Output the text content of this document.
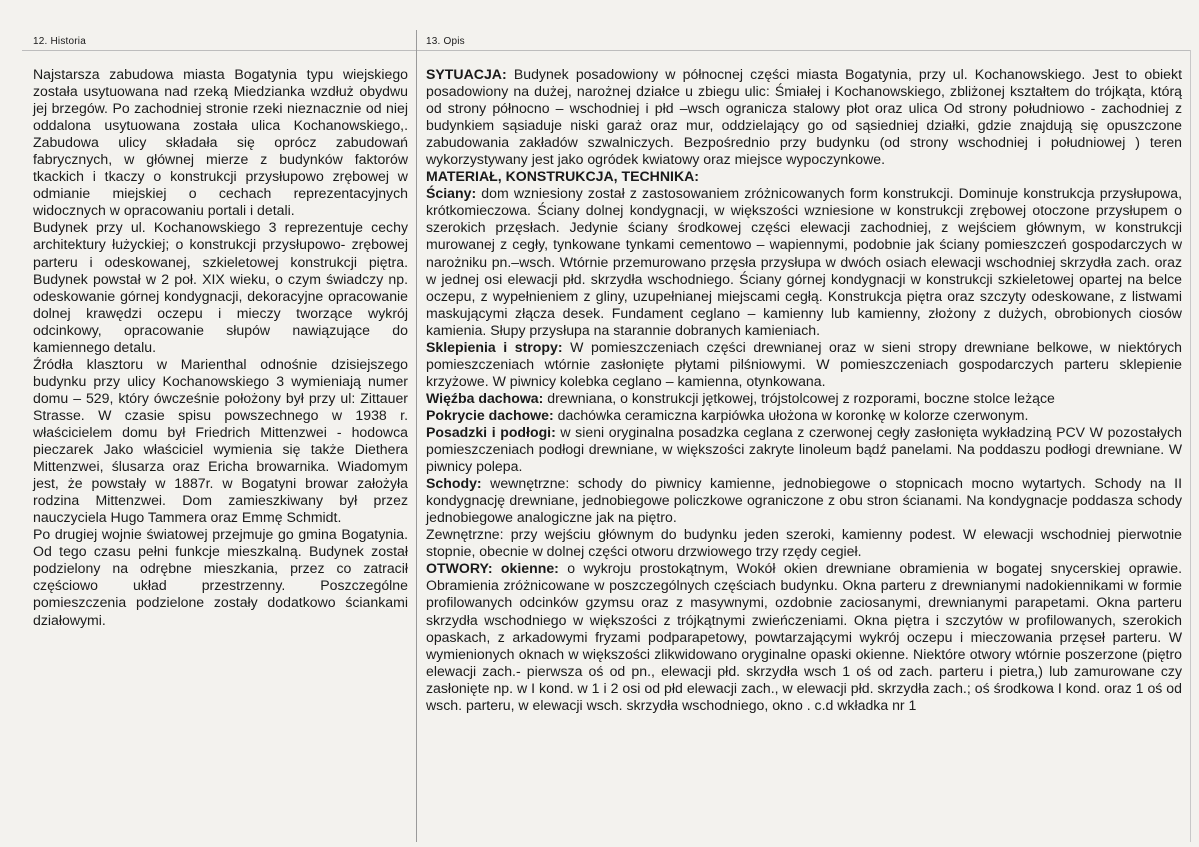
12. Historia	13. Opis

Najstarsza zabudowa miasta Bogatynia typu wiejskiego została usytuowana nad rzeką Miedzianka wzdłuż obydwu jej brzegów. Po zachodniej stronie rzeki nieznacznie od niej oddalona usytuowana została ulica Kochanowskiego,. Zabudowa ulicy składała się oprócz zabudowań fabrycznych, w głównej mierze z budynków faktorów tkackich i tkaczy o konstrukcji przysłupowo zrębowej w odmianie miejskiej o cechach reprezentacyjnych widocznych w opracowaniu portali i detali.

Budynek przy ul. Kochanowskiego 3 reprezentuje cechy architektury łużyckiej; o konstrukcji przysłupowo- zrębowej parteru i odeskowanej, szkieletowej konstrukcji piętra. Budynek powstał w 2 poł. XIX wieku, o czym świadczy np. odeskowanie górnej kondygnacji, dekoracyjne opracowanie dolnej krawędzi oczepu i mieczy tworzące wykrój odcinkowy, opracowanie słupów nawiązujące do kamiennego detalu.

Źródła klasztoru w Marienthal odnośnie dzisiejszego budynku przy ulicy Kochanowskiego 3 wymieniają numer domu – 529, który ówcześnie położony był przy ul: Zittauer Strasse. W czasie spisu powszechnego w 1938 r. właścicielem domu był Friedrich Mittenzwei - hodowca pieczarek Jako właściciel wymienia się także Diethera Mittenzwei, ślusarza oraz Ericha browarnika. Wiadomym jest, że powstały w 1887r. w Bogatyni browar założyła rodzina Mittenzwei. Dom zamieszkiwany był przez nauczyciela Hugo Tammera oraz Emmę Schmidt.

Po drugiej wojnie światowej przejmuje go gmina Bogatynia. Od tego czasu pełni funkcje mieszkalną. Budynek został podzielony na odrębne mieszkania, przez co zatracił częściowo układ przestrzenny. Poszczególne pomieszczenia podzielone zostały dodatkowo ściankami działowymi.

SYTUACJA: Budynek posadowiony w północnej części miasta Bogatynia, przy ul. Kochanowskiego. Jest to obiekt posadowiony na dużej, narożnej działce u zbiegu ulic: Śmiałej i Kochanowskiego, zbliżonej kształtem do trójkąta, którą od strony północno – wschodniej i płd –wsch ogranicza stalowy płot oraz ulica Od strony południowo - zachodniej z budynkiem sąsiaduje niski garaż oraz mur, oddzielający go od sąsiedniej działki, gdzie znajdują się opuszczone zabudowania zakładów szwalniczych. Bezpośrednio przy budynku (od strony wschodniej i południowej ) teren wykorzystywany jest jako ogródek kwiatowy oraz miejsce wypoczynkowe.

MATERIAŁ, KONSTRUKCJA, TECHNIKA:

Ściany: dom wzniesiony został z zastosowaniem zróżnicowanych form konstrukcji. Dominuje konstrukcja przysłupowa, krótkomieczowa. Ściany dolnej kondygnacji, w większości wzniesione w konstrukcji zrębowej otoczone przysłupem o szerokich przęsłach. Jedynie ściany środkowej części elewacji zachodniej, z wejściem głównym, w konstrukcji murowanej z cegły, tynkowane tynkami cementowo – wapiennymi, podobnie jak ściany pomieszczeń gospodarczych w narożniku pn.–wsch. Wtórnie przemurowano przęsła przysłupa w dwóch osiach elewacji wschodniej skrzydła zach. oraz w jednej osi elewacji płd. skrzydła wschodniego. Ściany górnej kondygnacji w konstrukcji szkieletowej opartej na belce oczepu, z wypełnieniem z gliny, uzupełnianej miejscami cegłą. Konstrukcja piętra oraz szczyty odeskowane, z listwami maskującymi złącza desek. Fundament ceglano – kamienny lub kamienny, złożony z dużych, obrobionych ciosów kamienia. Słupy przysłupa na starannie dobranych kamieniach.

Sklepienia i stropy: W pomieszczeniach części drewnianej oraz w sieni stropy drewniane belkowe, w niektórych pomieszczeniach wtórnie zasłonięte płytami pilśniowymi. W pomieszczeniach gospodarczych parteru sklepienie krzyżowe. W piwnicy kolebka ceglano – kamienna, otynkowana.

Więźba dachowa: drewniana, o konstrukcji jętkowej, trójstolcowej z rozporami, boczne stolce leżące

Pokrycie dachowe: dachówka ceramiczna karpiówka ułożona w koronkę w kolorze czerwonym.

Posadzki i podłogi: w sieni oryginalna posadzka ceglana z czerwonej cegły zasłonięta wykładziną PCV W pozostałych pomieszczeniach podłogi drewniane, w większości zakryte linoleum bądź panelami. Na poddaszu podłogi drewniane. W piwnicy polepa.

Schody: wewnętrzne: schody do piwnicy kamienne, jednobiegowe o stopnicach mocno wytartych. Schody na II kondygnację drewniane, jednobiegowe policzkowe ograniczone z obu stron ścianami. Na kondygnacje poddasza schody jednobiegowe analogiczne jak na piętro.

Zewnętrzne: przy wejściu głównym do budynku jeden szeroki, kamienny podest. W elewacji wschodniej pierwotnie stopnie, obecnie w dolnej części otworu drzwiowego trzy rzędy cegieł.

OTWORY: okienne: o wykroju prostokątnym, Wokół okien drewniane obramienia w bogatej snycerskiej oprawie. Obramienia zróżnicowane w poszczególnych częściach budynku. Okna parteru z drewnianymi nadokiennikami w formie profilowanych odcinków gzymsu oraz z masywnymi, ozdobnie zaciosanymi, drewnianymi parapetami. Okna parteru skrzydła wschodniego w większości z trójkątnymi zwieńczeniami. Okna piętra i szczytów w profilowanych, szerokich opaskach, z arkadowymi fryzami podparapetowy, powtarzającymi wykrój oczepu i mieczowania przęseł parteru. W wymienionych oknach w większości zlikwidowano oryginalne opaski okienne. Niektóre otwory wtórnie poszerzone (piętro elewacji zach.- pierwsza oś od pn., elewacji płd. skrzydła wsch 1 oś od zach. parteru i pietra,) lub zamurowane czy zasłonięte np. w I kond. w 1 i 2 osi od płd elewacji zach., w elewacji płd. skrzydła zach.; oś środkowa I kond. oraz 1 oś od wsch. parteru, w elewacji wsch. skrzydła wschodniego, okno . c.d wkładka nr 1
